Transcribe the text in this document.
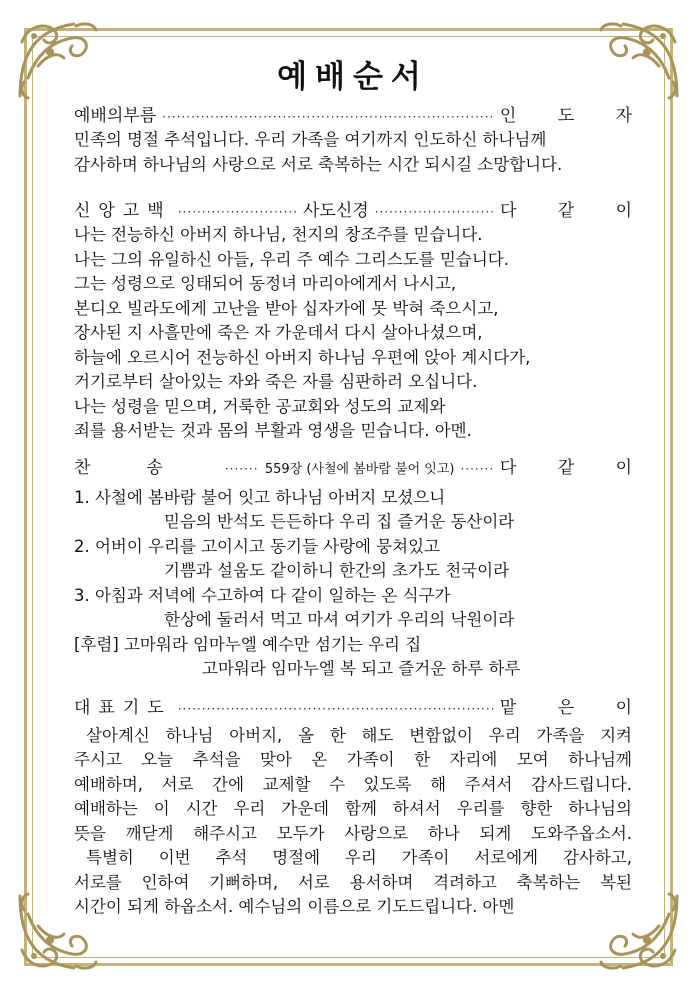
예배순서
예배의부름 ·····	인 도 자
민족의 명절 추석입니다. 우리 가족을 여기까지 인도하신 하나님께
감사하며 하나님의 사랑으로 서로 축복하는 시간 되시길 소망합니다.
신앙고백 ·····	사도신경 ·····	다 같 이
나는 전능하신 아버지 하나님, 천지의 창조주를 믿습니다.
나는 그의 유일하신 아들, 우리 주 예수 그리스도를 믿습니다.
그는 성령으로 잉태되어 동정녀 마리아에게서 나시고,
본디오 빌라도에게 고난을 받아 십자가에 못 박혀 죽으시고,
장사된 지 사흘만에 죽은 자 가운데서 다시 살아나셨으며,
하늘에 오르시어 전능하신 아버지 하나님 우편에 앉아 계시다가,
거기로부터 살아있는 자와 죽은 자를 심판하러 오십니다.
나는 성령을 믿으며, 거룩한 공교회와 성도의 교제와
죄를 용서받는 것과 몸의 부활과 영생을 믿습니다. 아멘.
찬송 ·····	559장 (사철에 봄바람 불어 잇고) ·····	다 같 이
1. 사철에 봄바람 불어 잇고 하나님 아버지 모셨으니
믿음의 반석도 든든하다 우리 집 즐거운 동산이라
2. 어버이 우리를 고이시고 동기들 사랑에 뭉쳐있고
기쁨과 설움도 같이하니 한간의 초가도 천국이라
3. 아침과 저녁에 수고하여 다 같이 일하는 온 식구가
한상에 둘러서 먹고 마셔 여기가 우리의 낙원이라
[후렴] 고마워라 임마누엘 예수만 섬기는 우리 집
고마워라 임마누엘 복 되고 즐거운 하루 하루
대표기도 ·····	맡 은 이
살아계신 하나님 아버지, 올 한 해도 변함없이 우리 가족을 지켜
주시고 오늘 추석을 맞아 온 가족이 한 자리에 모여 하나님께
예배하며, 서로 간에 교제할 수 있도록 해 주셔서 감사드립니다.
예배하는 이 시간 우리 가운데 함께 하셔서 우리를 향한 하나님의
뜻을 깨닫게 해주시고 모두가 사랑으로 하나 되게 도와주옵소서.
특별히 이번 추석 명절에 우리 가족이 서로에게 감사하고,
서로를 인하여 기뻐하며, 서로 용서하며 격려하고 축복하는 복된
시간이 되게 하옵소서. 예수님의 이름으로 기도드립니다. 아멘
